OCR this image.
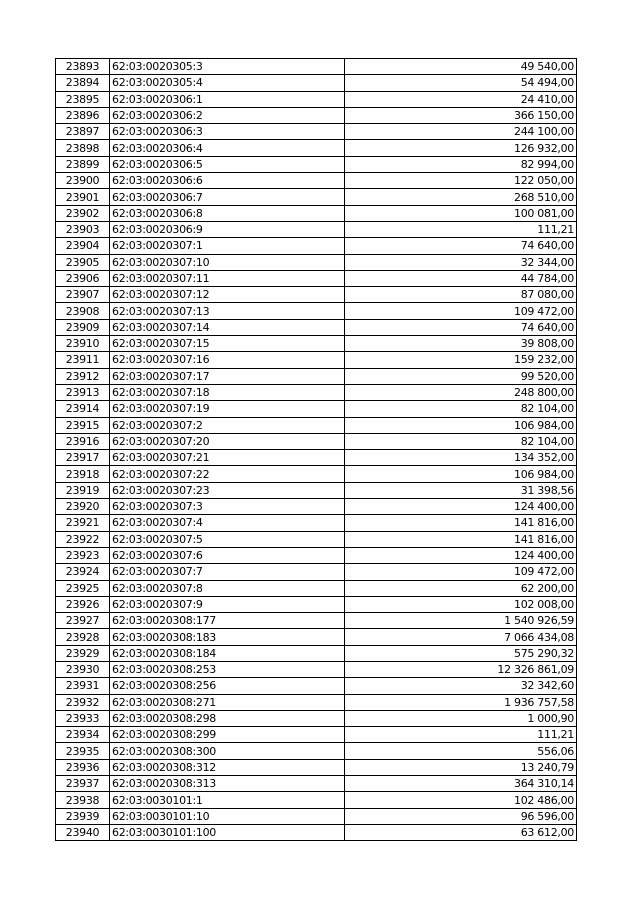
23893	62:03:0020305:3	49 540,00
23894	62:03:0020305:4	54 494,00
23895	62:03:0020306:1	24 410,00
23896	62:03:0020306:2	366 150,00
23897	62:03:0020306:3	244 100,00
23898	62:03:0020306:4	126 932,00
23899	62:03:0020306:5	82 994,00
23900	62:03:0020306:6	122 050,00
23901	62:03:0020306:7	268 510,00
23902	62:03:0020306:8	100 081,00
23903	62:03:0020306:9	111,21
23904	62:03:0020307:1	74 640,00
23905	62:03:0020307:10	32 344,00
23906	62:03:0020307:11	44 784,00
23907	62:03:0020307:12	87 080,00
23908	62:03:0020307:13	109 472,00
23909	62:03:0020307:14	74 640,00
23910	62:03:0020307:15	39 808,00
23911	62:03:0020307:16	159 232,00
23912	62:03:0020307:17	99 520,00
23913	62:03:0020307:18	248 800,00
23914	62:03:0020307:19	82 104,00
23915	62:03:0020307:2	106 984,00
23916	62:03:0020307:20	82 104,00
23917	62:03:0020307:21	134 352,00
23918	62:03:0020307:22	106 984,00
23919	62:03:0020307:23	31 398,56
23920	62:03:0020307:3	124 400,00
23921	62:03:0020307:4	141 816,00
23922	62:03:0020307:5	141 816,00
23923	62:03:0020307:6	124 400,00
23924	62:03:0020307:7	109 472,00
23925	62:03:0020307:8	62 200,00
23926	62:03:0020307:9	102 008,00
23927	62:03:0020308:177	1 540 926,59
23928	62:03:0020308:183	7 066 434,08
23929	62:03:0020308:184	575 290,32
23930	62:03:0020308:253	12 326 861,09
23931	62:03:0020308:256	32 342,60
23932	62:03:0020308:271	1 936 757,58
23933	62:03:0020308:298	1 000,90
23934	62:03:0020308:299	111,21
23935	62:03:0020308:300	556,06
23936	62:03:0020308:312	13 240,79
23937	62:03:0020308:313	364 310,14
23938	62:03:0030101:1	102 486,00
23939	62:03:0030101:10	96 596,00
23940	62:03:0030101:100	63 612,00
